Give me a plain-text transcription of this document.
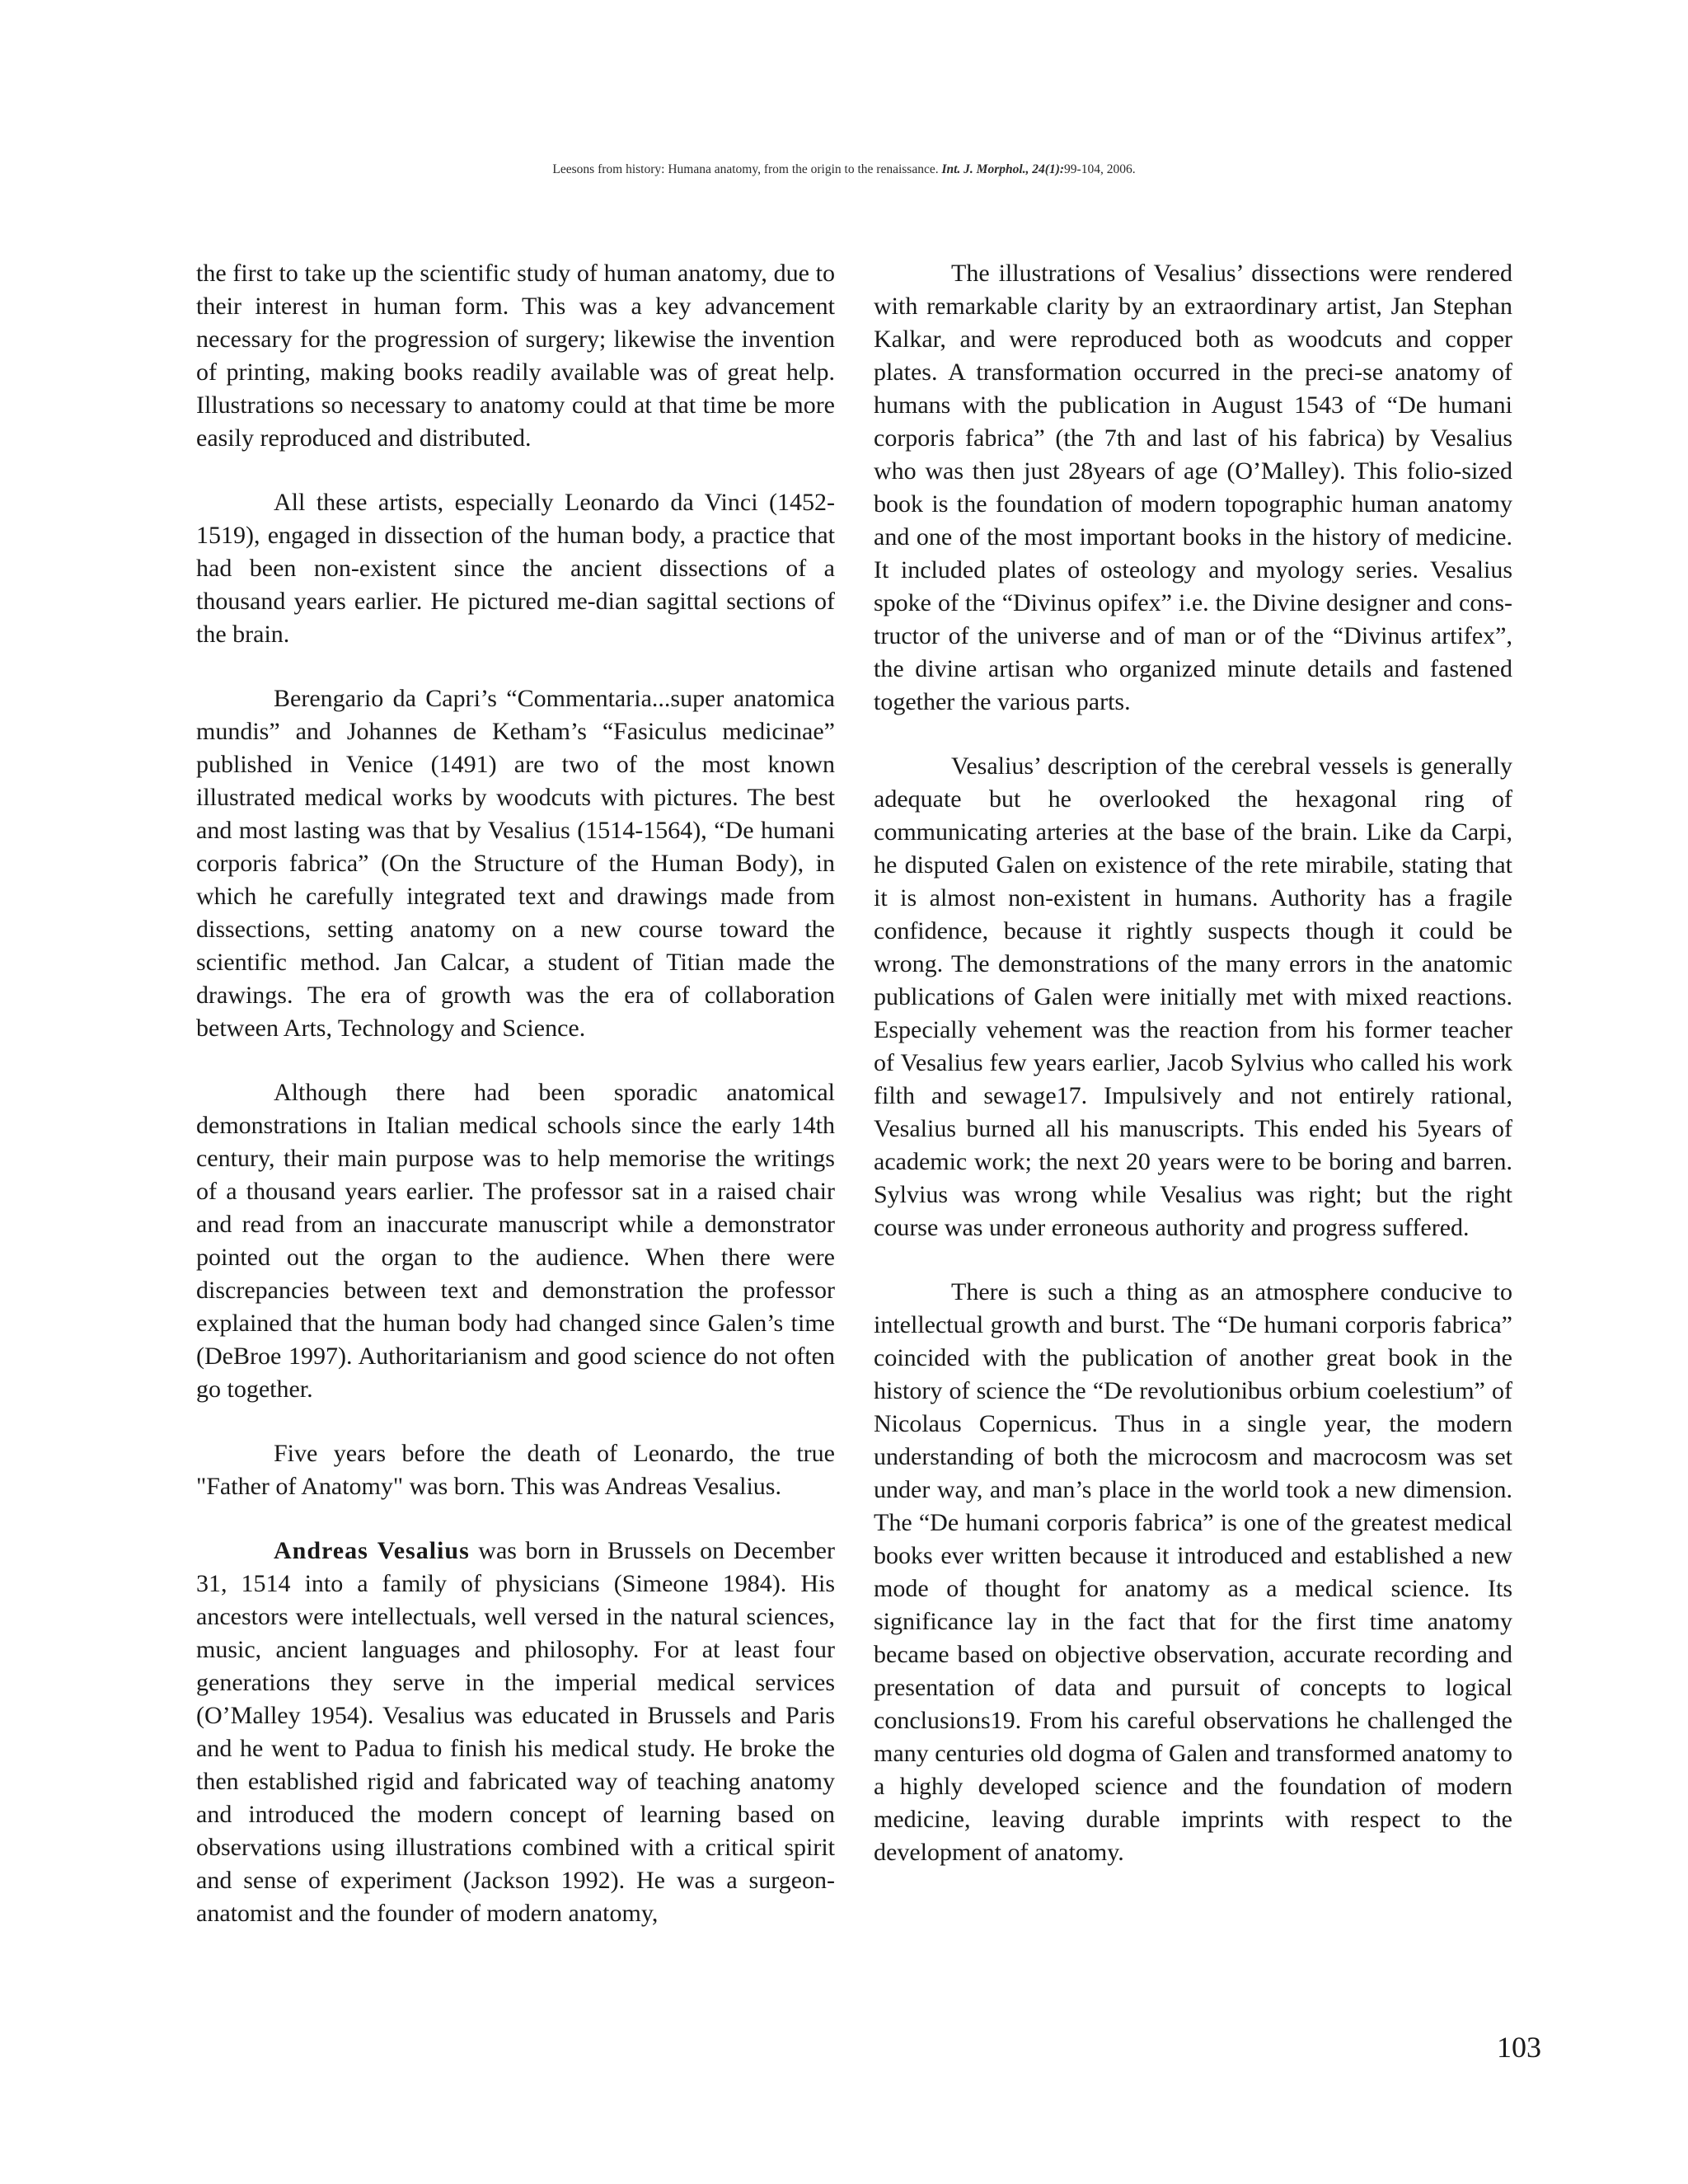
Leesons from history: Humana anatomy, from the origin to the renaissance. Int. J. Morphol., 24(1):99-104, 2006.

the first to take up the scientific study of human anatomy, due to their interest in human form. This was a key advancement necessary for the progression of surgery; likewise the invention of printing, making books readily available was of great help. Illustrations so necessary to anatomy could at that time be more easily reproduced and distributed.

All these artists, especially Leonardo da Vinci (1452-1519), engaged in dissection of the human body, a practice that had been non-existent since the ancient dissections of a thousand years earlier. He pictured me-dian sagittal sections of the brain.

Berengario da Capri’s “Commentaria...super anatomica mundis” and Johannes de Ketham’s “Fasiculus medicinae” published in Venice (1491) are two of the most known illustrated medical works by woodcuts with pictures. The best and most lasting was that by Vesalius (1514-1564), “De humani corporis fabrica” (On the Structure of the Human Body), in which he carefully integrated text and drawings made from dissections, setting anatomy on a new course toward the scientific method. Jan Calcar, a student of Titian made the drawings. The era of growth was the era of collaboration between Arts, Technology and Science.

Although there had been sporadic anatomical demonstrations in Italian medical schools since the early 14th century, their main purpose was to help memorise the writings of a thousand years earlier. The professor sat in a raised chair and read from an inaccurate manuscript while a demonstrator pointed out the organ to the audience. When there were discrepancies between text and demonstration the professor explained that the human body had changed since Galen’s time (DeBroe 1997). Authoritarianism and good science do not often go together.

Five years before the death of Leonardo, the true "Father of Anatomy" was born. This was Andreas Vesalius.

Andreas Vesalius was born in Brussels on December 31, 1514 into a family of physicians (Simeone 1984). His ancestors were intellectuals, well versed in the natural sciences, music, ancient languages and philosophy. For at least four generations they serve in the imperial medical services (O’Malley 1954). Vesalius was educated in Brussels and Paris and he went to Padua to finish his medical study. He broke the then established rigid and fabricated way of teaching anatomy and introduced the modern concept of learning based on observations using illustrations combined with a critical spirit and sense of experiment (Jackson 1992). He was a surgeon-anatomist and the founder of modern anatomy,

The illustrations of Vesalius’ dissections were rendered with remarkable clarity by an extraordinary artist, Jan Stephan Kalkar, and were reproduced both as woodcuts and copper plates. A transformation occurred in the preci-se anatomy of humans with the publication in August 1543 of “De humani corporis fabrica” (the 7th and last of his fabrica) by Vesalius who was then just 28years of age (O’Malley). This folio-sized book is the foundation of modern topographic human anatomy and one of the most important books in the history of medicine. It included plates of osteology and myology series. Vesalius spoke of the “Divinus opifex” i.e. the Divine designer and cons-tructor of the universe and of man or of the “Divinus artifex”, the divine artisan who organized minute details and fastened together the various parts.

Vesalius’ description of the cerebral vessels is generally adequate but he overlooked the hexagonal ring of communicating arteries at the base of the brain. Like da Carpi, he disputed Galen on existence of the rete mirabile, stating that it is almost non-existent in humans. Authority has a fragile confidence, because it rightly suspects though it could be wrong. The demonstrations of the many errors in the anatomic publications of Galen were initially met with mixed reactions. Especially vehement was the reaction from his former teacher of Vesalius few years earlier, Jacob Sylvius who called his work filth and sewage17. Impulsively and not entirely rational, Vesalius burned all his manuscripts. This ended his 5years of academic work; the next 20 years were to be boring and barren. Sylvius was wrong while Vesalius was right; but the right course was under erroneous authority and progress suffered.

There is such a thing as an atmosphere conducive to intellectual growth and burst. The “De humani corporis fabrica” coincided with the publication of another great book in the history of science the “De revolutionibus orbium coelestium” of Nicolaus Copernicus. Thus in a single year, the modern understanding of both the microcosm and macrocosm was set under way, and man’s place in the world took a new dimension. The “De humani corporis fabrica” is one of the greatest medical books ever written because it introduced and established a new mode of thought for anatomy as a medical science. Its significance lay in the fact that for the first time anatomy became based on objective observation, accurate recording and presentation of data and pursuit of concepts to logical conclusions19. From his careful observations he challenged the many centuries old dogma of Galen and transformed anatomy to a highly developed science and the foundation of modern medicine, leaving durable imprints with respect to the development of anatomy.

103
